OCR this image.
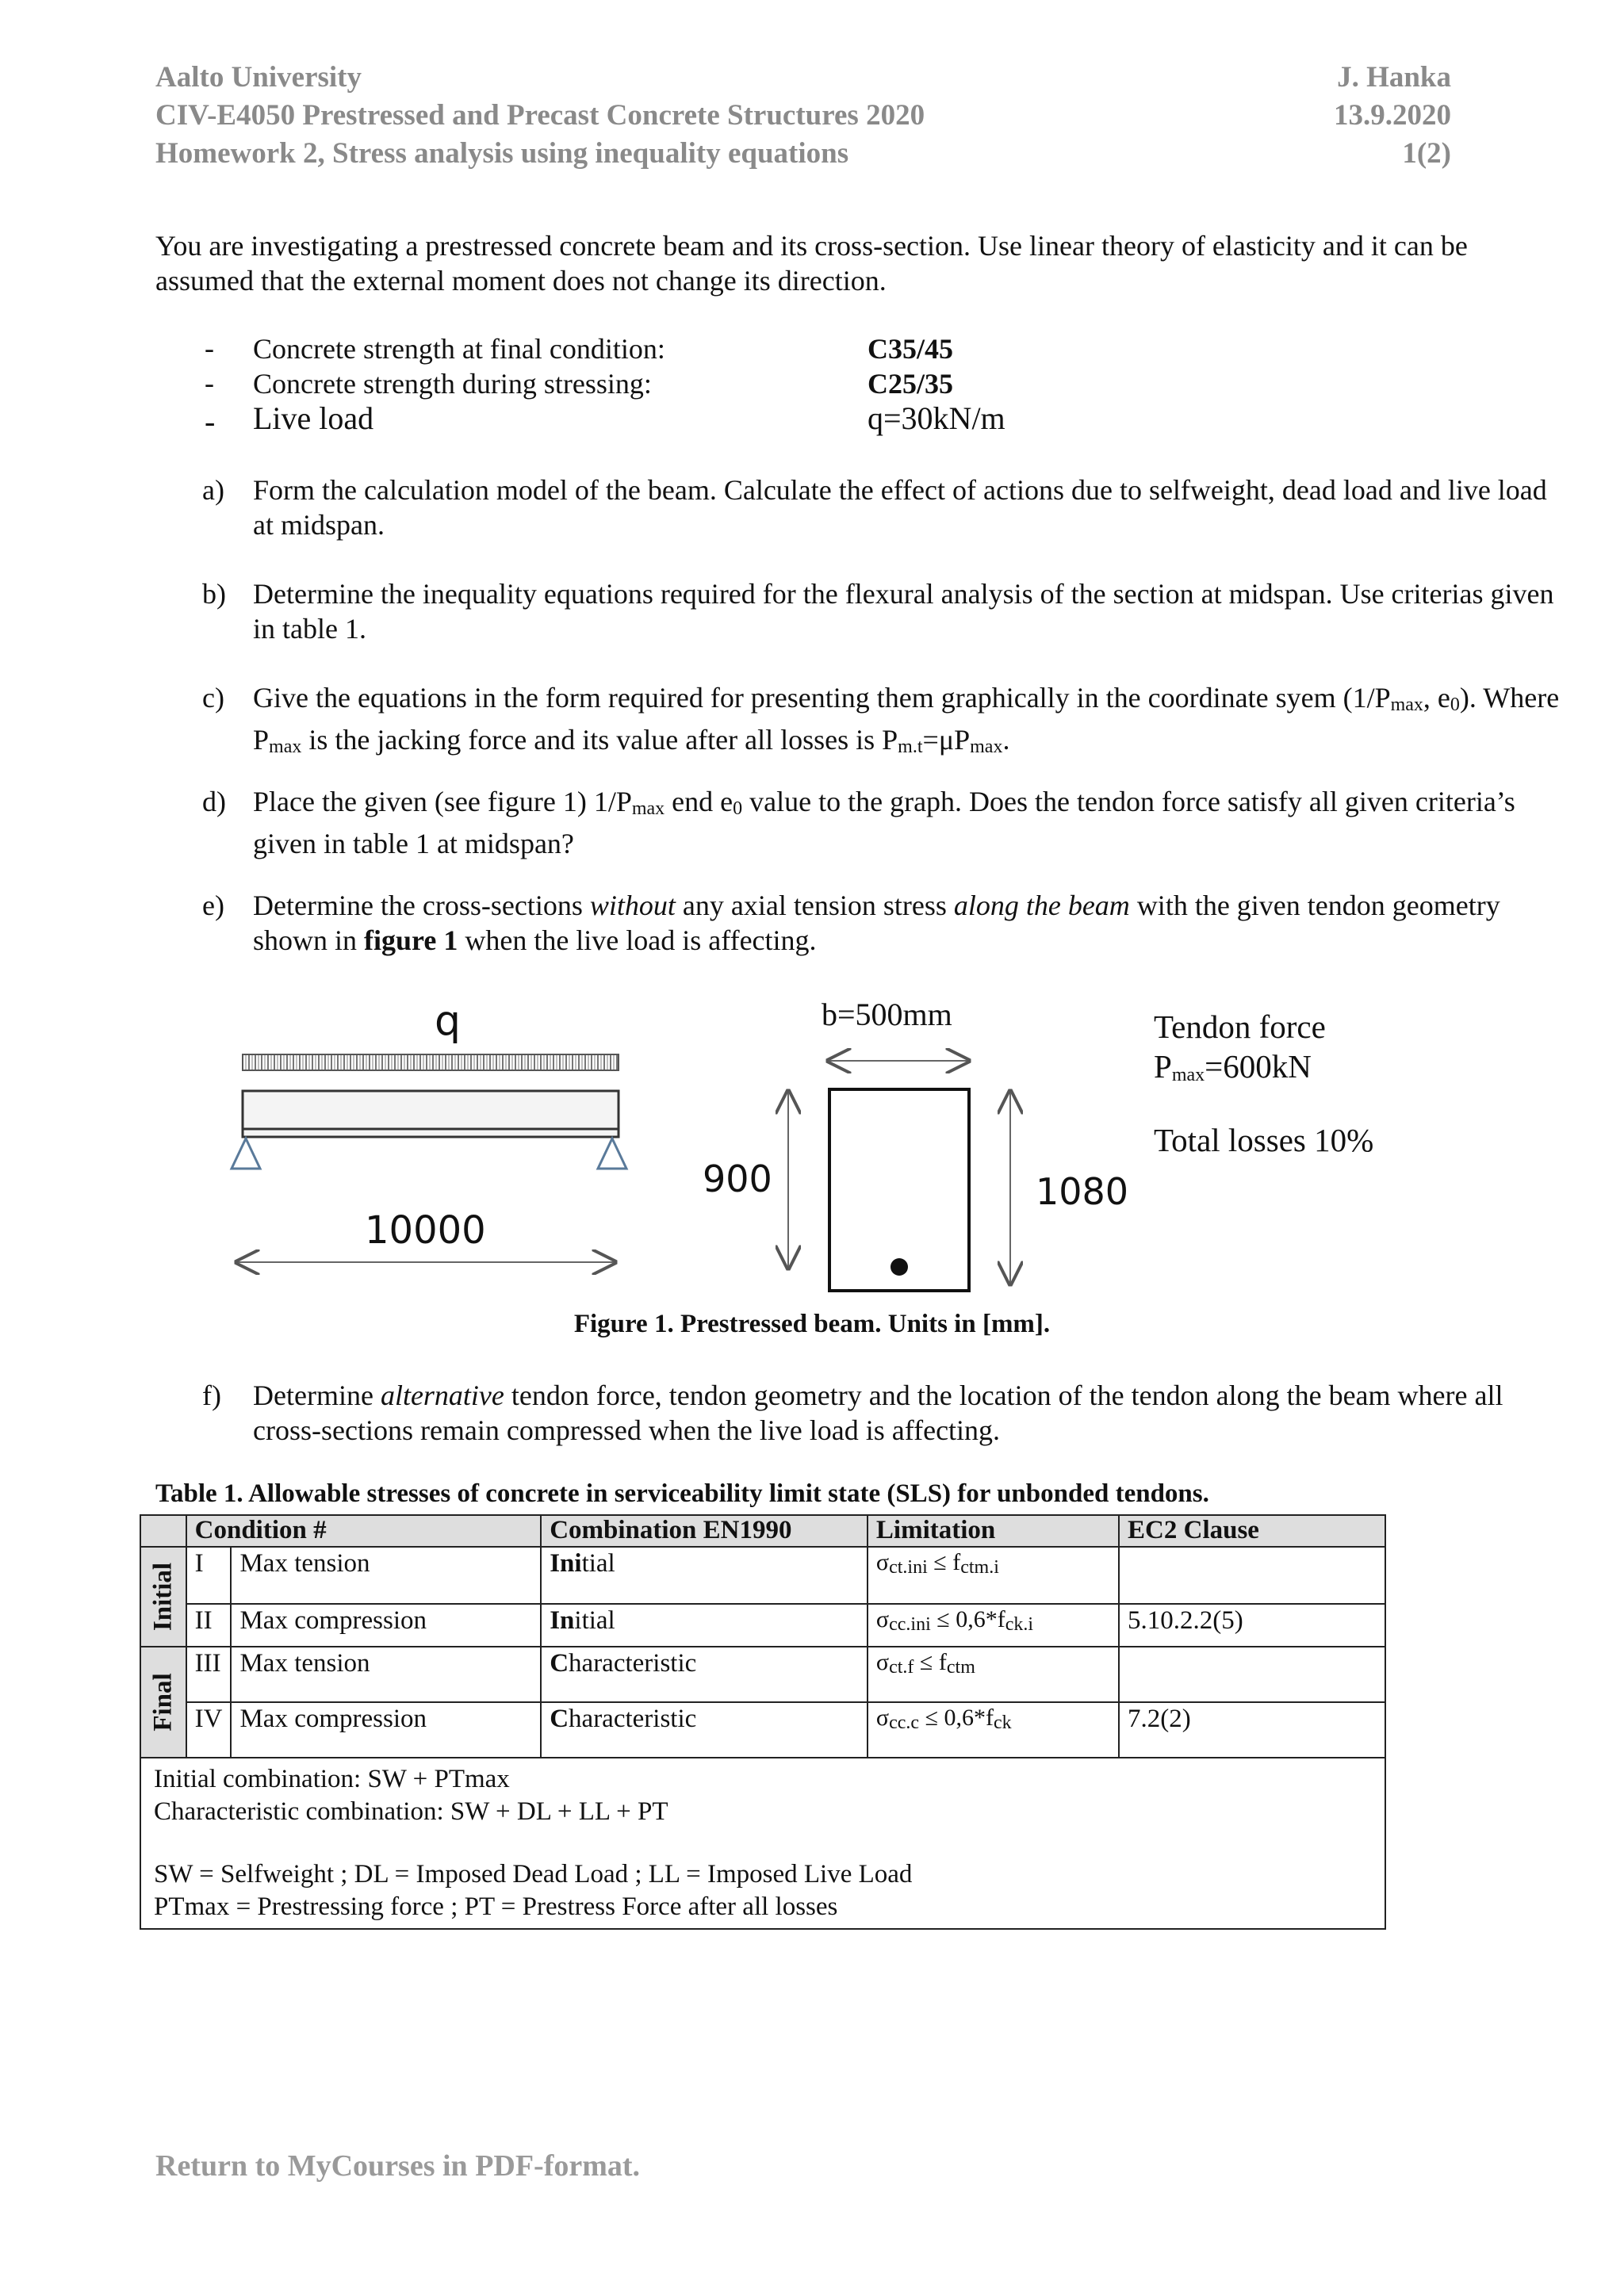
Aalto University
CIV-E4050 Prestressed and Precast Concrete Structures 2020
Homework 2, Stress analysis using inequality equations
J. Hanka
13.9.2020
1(2)
You are investigating a prestressed concrete beam and its cross-section. Use linear theory of elasticity and it can be assumed that the external moment does not change its direction.
- Concrete strength at final condition:	C35/45
- Concrete strength during stressing:	C25/35
- Live load	q=30kN/m
a) Form the calculation model of the beam. Calculate the effect of actions due to selfweight, dead load and live load at midspan.
b) Determine the inequality equations required for the flexural analysis of the section at midspan. Use criterias given in table 1.
c) Give the equations in the form required for presenting them graphically in the coordinate syem ($1/P_{max}$, $e_0$). Where $P_{max}$ is the jacking force and its value after all losses is $P_{m.t}=\mu P_{max}$.
d) Place the given (see figure 1) $1/P_{max}$ end $e_0$ value to the graph. Does the tendon force satisfy all given criteria’s given in table 1 at midspan?
e) Determine the cross-sections without any axial tension stress along the beam with the given tendon geometry shown in figure 1 when the live load is affecting.
q
10000
b=500mm
900	1080
Tendon force
$P_{max}=600kN$
Total losses 10%
Figure 1. Prestressed beam. Units in [mm].
f) Determine alternative tendon force, tendon geometry and the location of the tendon along the beam where all cross-sections remain compressed when the live load is affecting.
Table 1. Allowable stresses of concrete in serviceability limit state (SLS) for unbonded tendons.
	Condition #		Combination EN1990	Limitation	EC2 Clause

Initial	I	Max tension	Initial	$\sigma_{ct.ini} \le f_{ctm.i}$	
	II	Max compression	Initial	$\sigma_{cc.ini} \le 0,6*f_{ck.i}$	5.10.2.2(5)

Final	III	Max tension	Characteristic	$\sigma_{ct.f} \le f_{ctm}$	
	IV	Max compression	Characteristic	$\sigma_{cc.c} \le 0,6*f_{ck}$	7.2(2)

Initial combination: SW + PTmax
Characteristic combination: SW + DL + LL + PT
SW = Selfweight ; DL = Imposed Dead Load ; LL = Imposed Live Load
PTmax = Prestressing force ; PT = Prestress Force after all losses					
Return to MyCourses in PDF-format.
